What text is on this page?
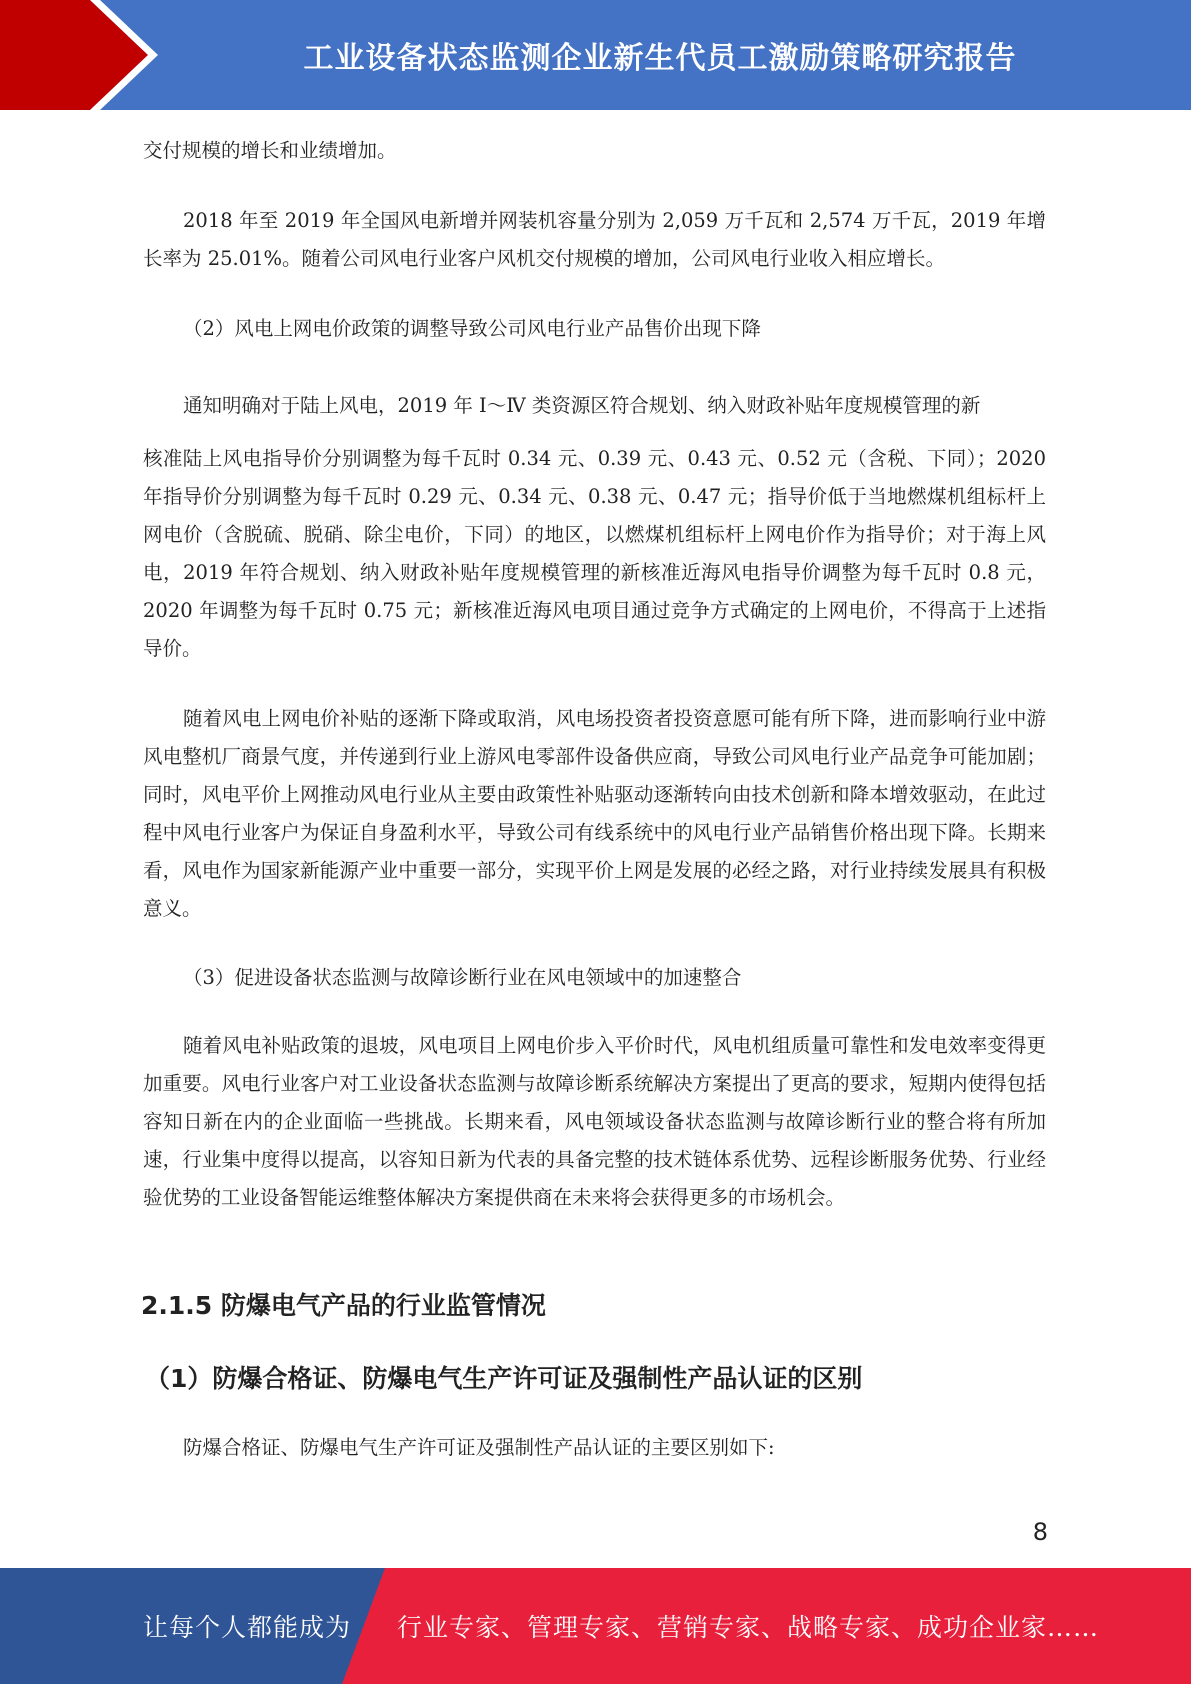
工业设备状态监测企业新生代员工激励策略研究报告

交付规模的增长和业绩增加。

2018 年至 2019 年全国风电新增并网装机容量分别为 2,059 万千瓦和 2,574 万千瓦，2019 年增长率为 25.01%。随着公司风电行业客户风机交付规模的增加，公司风电行业收入相应增长。

（2）风电上网电价政策的调整导致公司风电行业产品售价出现下降

通知明确对于陆上风电，2019 年 Ⅰ～Ⅳ 类资源区符合规划、纳入财政补贴年度规模管理的新

核准陆上风电指导价分别调整为每千瓦时 0.34 元、0.39 元、0.43 元、0.52 元（含税、下同）；2020 年指导价分别调整为每千瓦时 0.29 元、0.34 元、0.38 元、0.47 元；指导价低于当地燃煤机组标杆上网电价（含脱硫、脱硝、除尘电价，下同）的地区，以燃煤机组标杆上网电价作为指导价；对于海上风电，2019 年符合规划、纳入财政补贴年度规模管理的新核准近海风电指导价调整为每千瓦时 0.8 元，2020 年调整为每千瓦时 0.75 元；新核准近海风电项目通过竞争方式确定的上网电价，不得高于上述指导价。

随着风电上网电价补贴的逐渐下降或取消，风电场投资者投资意愿可能有所下降，进而影响行业中游风电整机厂商景气度，并传递到行业上游风电零部件设备供应商，导致公司风电行业产品竞争可能加剧；同时，风电平价上网推动风电行业从主要由政策性补贴驱动逐渐转向由技术创新和降本增效驱动，在此过程中风电行业客户为保证自身盈利水平，导致公司有线系统中的风电行业产品销售价格出现下降。长期来看，风电作为国家新能源产业中重要一部分，实现平价上网是发展的必经之路，对行业持续发展具有积极意义。

（3）促进设备状态监测与故障诊断行业在风电领域中的加速整合

随着风电补贴政策的退坡，风电项目上网电价步入平价时代，风电机组质量可靠性和发电效率变得更加重要。风电行业客户对工业设备状态监测与故障诊断系统解决方案提出了更高的要求，短期内使得包括容知日新在内的企业面临一些挑战。长期来看，风电领域设备状态监测与故障诊断行业的整合将有所加速，行业集中度得以提高，以容知日新为代表的具备完整的技术链体系优势、远程诊断服务优势、行业经验优势的工业设备智能运维整体解决方案提供商在未来将会获得更多的市场机会。

2.1.5 防爆电气产品的行业监管情况
（1）防爆合格证、防爆电气生产许可证及强制性产品认证的区别

防爆合格证、防爆电气生产许可证及强制性产品认证的主要区别如下:

8
让每个人都能成为 行业专家、管理专家、营销专家、战略专家、成功企业家……
